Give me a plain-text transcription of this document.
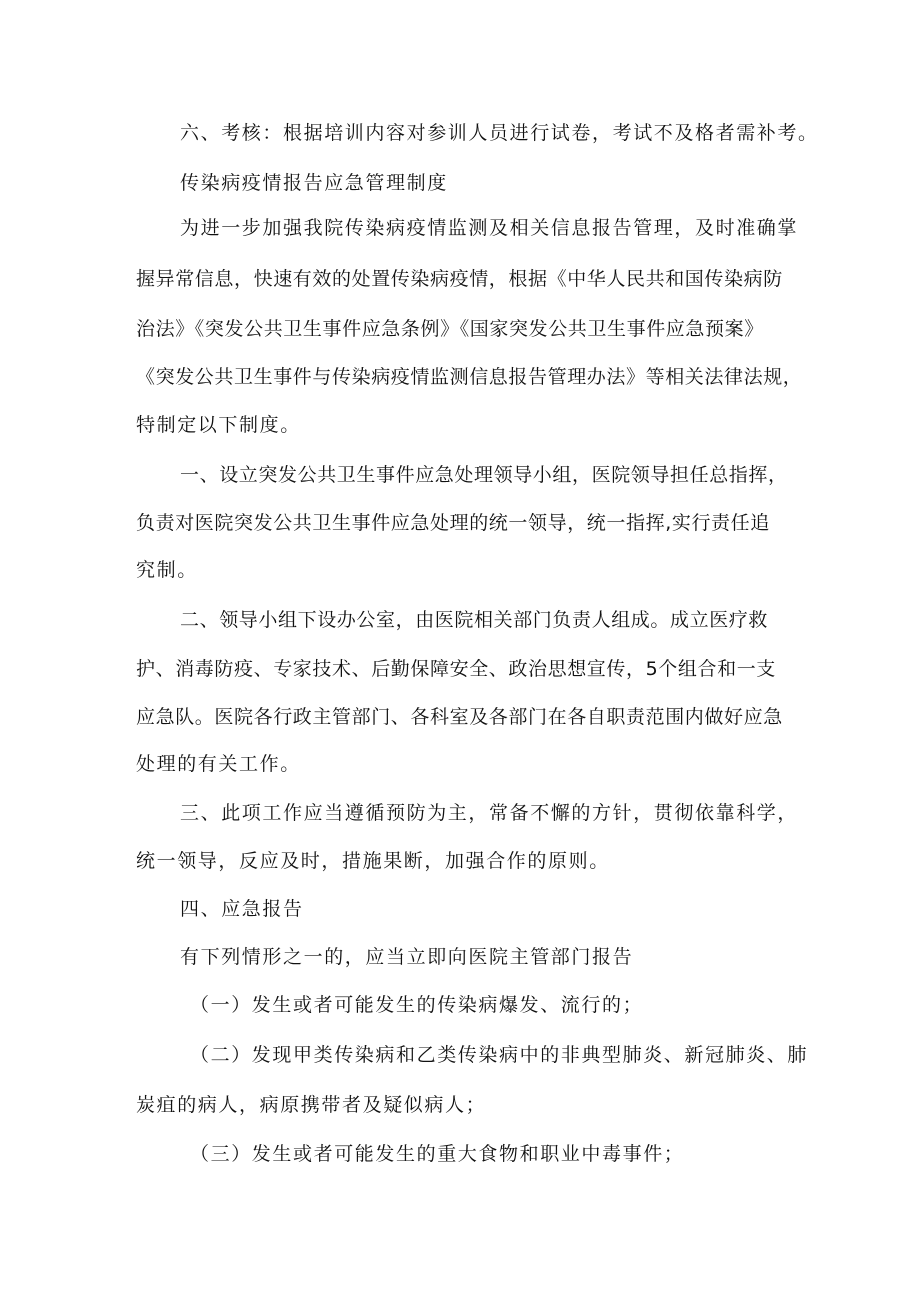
六、考核：根据培训内容对参训人员进行试卷，考试不及格者需补考。
传染病疫情报告应急管理制度
为进一步加强我院传染病疫情监测及相关信息报告管理，及时准确掌
握异常信息，快速有效的处置传染病疫情，根据《中华人民共和国传染病防
治法》《突发公共卫生事件应急条例》《国家突发公共卫生事件应急预案》
《突发公共卫生事件与传染病疫情监测信息报告管理办法》等相关法律法规，
特制定以下制度。
一、设立突发公共卫生事件应急处理领导小组，医院领导担任总指挥，
负责对医院突发公共卫生事件应急处理的统一领导，统一指挥,实行责任追
究制。
二、领导小组下设办公室，由医院相关部门负责人组成。成立医疗救
护、消毒防疫、专家技术、后勤保障安全、政治思想宣传，5个组合和一支
应急队。医院各行政主管部门、各科室及各部门在各自职责范围内做好应急
处理的有关工作。
三、此项工作应当遵循预防为主，常备不懈的方针，贯彻依靠科学，
统一领导，反应及时，措施果断，加强合作的原则。
四、应急报告
有下列情形之一的，应当立即向医院主管部门报告
（一）发生或者可能发生的传染病爆发、流行的；
（二）发现甲类传染病和乙类传染病中的非典型肺炎、新冠肺炎、肺
炭疽的病人，病原携带者及疑似病人；
（三）发生或者可能发生的重大食物和职业中毒事件；
